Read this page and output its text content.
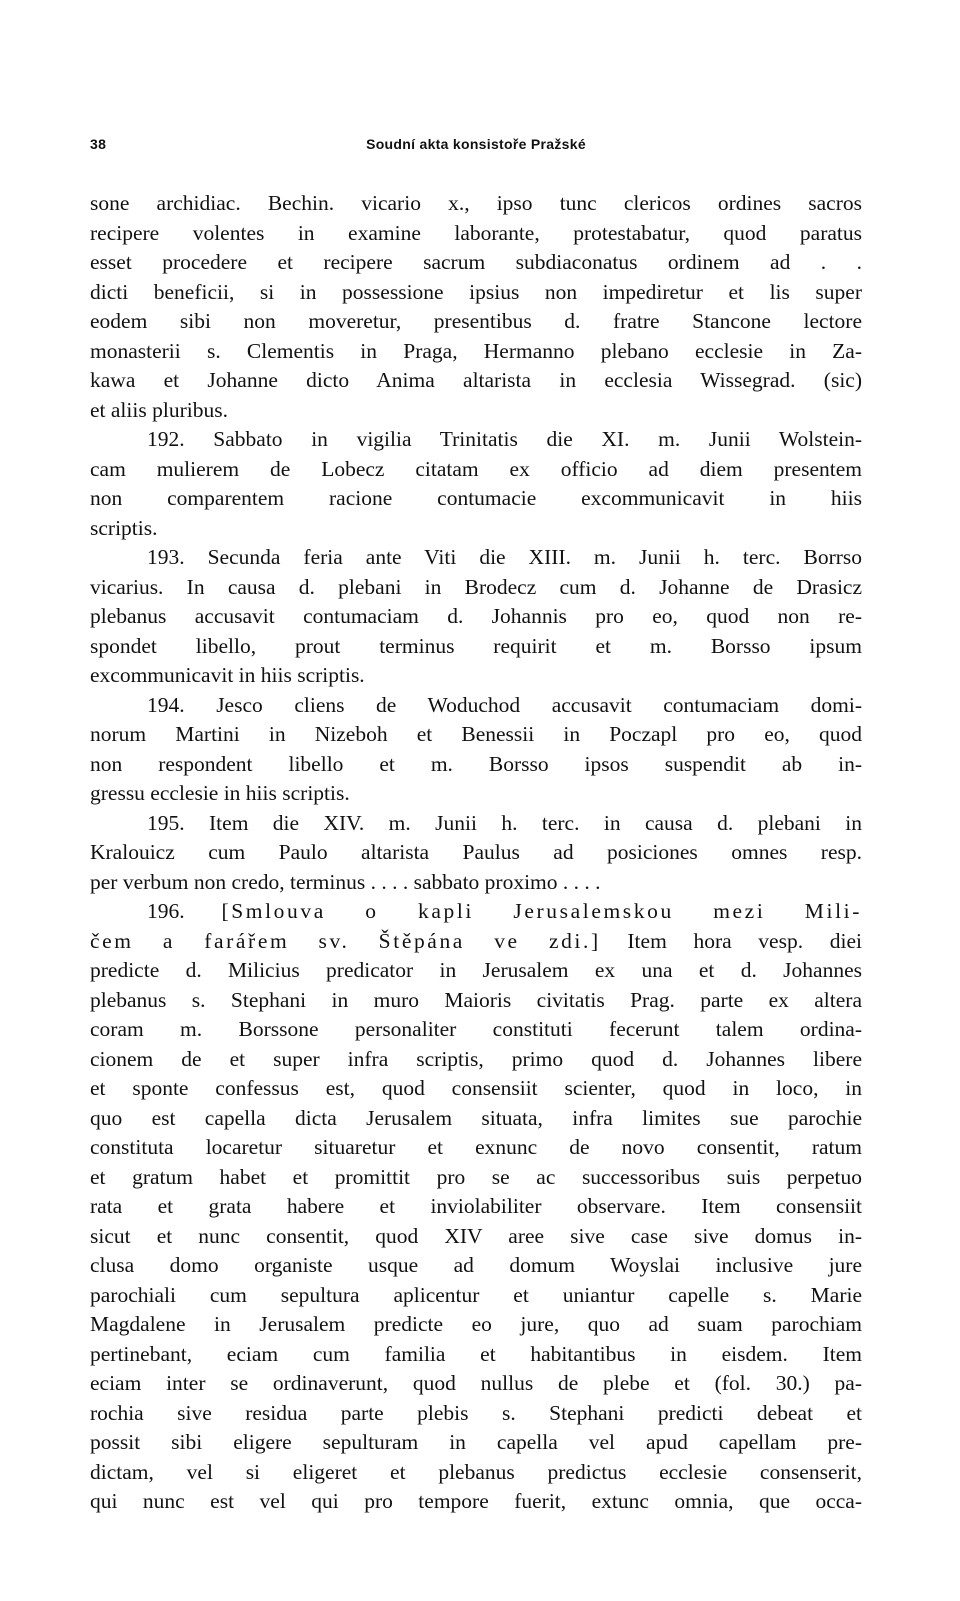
38	Soudní akta konsistoře Pražské
sone archidiac. Bechin. vicario x., ipso tunc clericos ordines sacros
recipere volentes in examine laborante, protestabatur, quod paratus
esset procedere et recipere sacrum subdiaconatus ordinem ad . .
dicti beneficii, si in possessione ipsius non impediretur et lis super
eodem sibi non moveretur, presentibus d. fratre Stancone lectore
monasterii s. Clementis in Praga, Hermanno plebano ecclesie in Za-
kawa et Johanne dicto Anima altarista in ecclesia Wissegrad. (sic)
et aliis pluribus.
192. Sabbato in vigilia Trinitatis die XI. m. Junii Wolstein-
cam mulierem de Lobecz citatam ex officio ad diem presentem
non comparentem racione contumacie excommunicavit in hiis
scriptis.
193. Secunda feria ante Viti die XIII. m. Junii h. terc. Borrso
vicarius. In causa d. plebani in Brodecz cum d. Johanne de Drasicz
plebanus accusavit contumaciam d. Johannis pro eo, quod non re-
spondet libello, prout terminus requirit et m. Borsso ipsum
excommunicavit in hiis scriptis.
194. Jesco cliens de Woduchod accusavit contumaciam domi-
norum Martini in Nizeboh et Benessii in Poczapl pro eo, quod
non respondent libello et m. Borsso ipsos suspendit ab in-
gressu ecclesie in hiis scriptis.
195. Item die XIV. m. Junii h. terc. in causa d. plebani in
Kralouicz cum Paulo altarista Paulus ad posiciones omnes resp.
per verbum non credo, terminus . . . . sabbato proximo . . . .
196. [Smlouva o kapli Jerusalemskou mezi Mili-
čem a farářem sv. Štěpána ve zdi.] Item hora vesp. diei
predicte d. Milicius predicator in Jerusalem ex una et d. Johannes
plebanus s. Stephani in muro Maioris civitatis Prag. parte ex altera
coram m. Borssone personaliter constituti fecerunt talem ordina-
cionem de et super infra scriptis, primo quod d. Johannes libere
et sponte confessus est, quod consensiit scienter, quod in loco, in
quo est capella dicta Jerusalem situata, infra limites sue parochie
constituta locaretur situaretur et exnunc de novo consentit, ratum
et gratum habet et promittit pro se ac successoribus suis perpetuo
rata et grata habere et inviolabiliter observare. Item consensiit
sicut et nunc consentit, quod XIV aree sive case sive domus in-
clusa domo organiste usque ad domum Woyslai inclusive jure
parochiali cum sepultura aplicentur et uniantur capelle s. Marie
Magdalene in Jerusalem predicte eo jure, quo ad suam parochiam
pertinebant, eciam cum familia et habitantibus in eisdem. Item
eciam inter se ordinaverunt, quod nullus de plebe et (fol. 30.) pa-
rochia sive residua parte plebis s. Stephani predicti debeat et
possit sibi eligere sepulturam in capella vel apud capellam pre-
dictam, vel si eligeret et plebanus predictus ecclesie consenserit,
qui nunc est vel qui pro tempore fuerit, extunc omnia, que occa-
